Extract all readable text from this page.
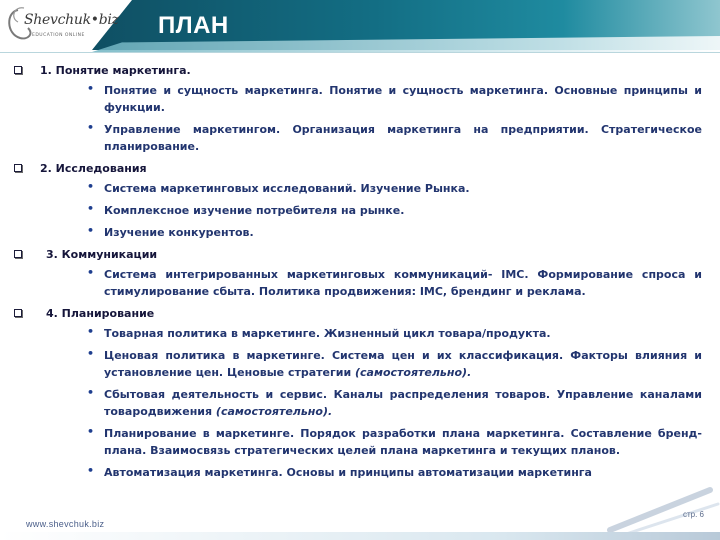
Shevchuk•biz
EDUCATION ONLINE	ПЛАН
1. Понятие маркетинга.
• Понятие и сущность маркетинга. Понятие и сущность маркетинга. Основные принципы и функции.
• Управление маркетингом. Организация маркетинга на предприятии. Стратегическое планирование.
2. Исследования
• Система маркетинговых исследований. Изучение Рынка.
• Комплексное изучение потребителя на рынке.
• Изучение конкурентов.
3. Коммуникации
• Система интегрированных маркетинговых коммуникаций- IMC. Формирование спроса и стимулирование сбыта. Политика продвижения: IMC, брендинг и реклама.
4. Планирование
• Товарная политика в маркетинге. Жизненный цикл товара/продукта.
• Ценовая политика в маркетинге. Система цен и их классификация. Факторы влияния и установление цен. Ценовые стратегии (самостоятельно).
• Сбытовая деятельность и сервис. Каналы распределения товаров. Управление каналами товародвижения (самостоятельно).
• Планирование в маркетинге. Порядок разработки плана маркетинга. Составление бренд-плана. Взаимосвязь стратегических целей плана маркетинга и текущих планов.
• Автоматизация маркетинга. Основы и принципы автоматизации маркетинга
стр. 6
www.shevchuk.biz
